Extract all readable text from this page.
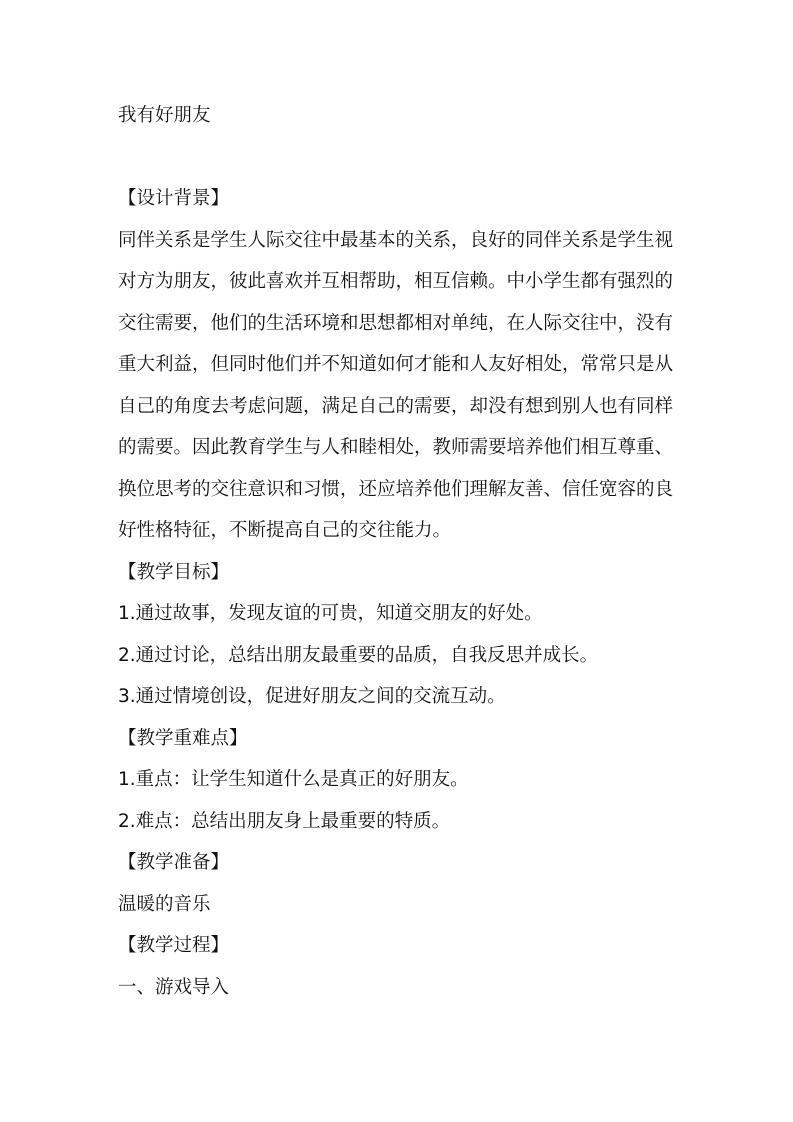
我有好朋友
【设计背景】
同伴关系是学生人际交往中最基本的关系，良好的同伴关系是学生视
对方为朋友，彼此喜欢并互相帮助，相互信赖。中小学生都有强烈的
交往需要，他们的生活环境和思想都相对单纯，在人际交往中，没有
重大利益，但同时他们并不知道如何才能和人友好相处，常常只是从
自己的角度去考虑问题，满足自己的需要，却没有想到别人也有同样
的需要。因此教育学生与人和睦相处，教师需要培养他们相互尊重、
换位思考的交往意识和习惯，还应培养他们理解友善、信任宽容的良
好性格特征，不断提高自己的交往能力。
【教学目标】
1.通过故事，发现友谊的可贵，知道交朋友的好处。
2.通过讨论，总结出朋友最重要的品质，自我反思并成长。
3.通过情境创设，促进好朋友之间的交流互动。
【教学重难点】
1.重点：让学生知道什么是真正的好朋友。
2.难点：总结出朋友身上最重要的特质。
【教学准备】
温暖的音乐
【教学过程】
一、游戏导入
